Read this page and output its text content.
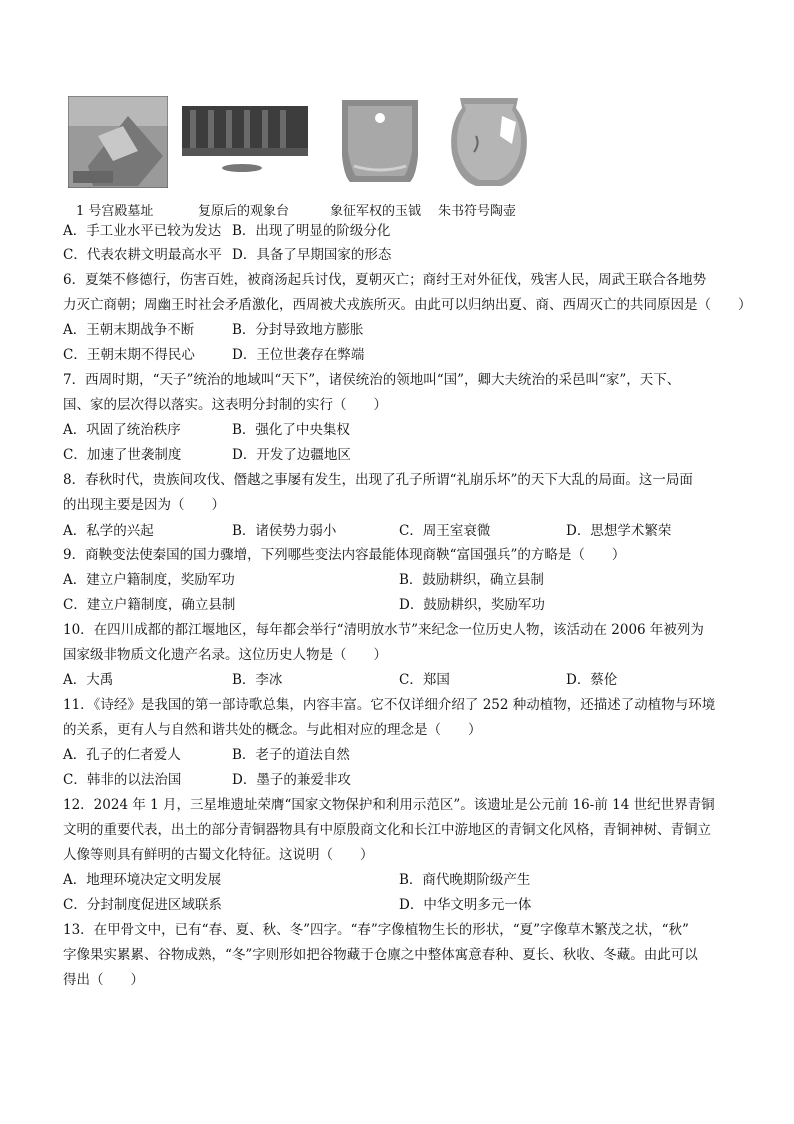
1 号宫殿墓址	复原后的观象台	象征军权的玉钺 朱书符号陶壶
A．手工业水平已较为发达 B．出现了明显的阶级分化
C．代表农耕文明最高水平 D．具备了早期国家的形态
6．夏桀不修德行，伤害百姓，被商汤起兵讨伐，夏朝灭亡；商纣王对外征伐，残害人民，周武王联合各地势
力灭亡商朝；周幽王时社会矛盾激化，西周被犬戎族所灭。由此可以归纳出夏、商、西周灭亡的共同原因是（　　）
A．王朝末期战争不断	B．分封导致地方膨胀
C．王朝末期不得民心	D．王位世袭存在弊端
7．西周时期，“天子”统治的地域叫“天下”，诸侯统治的领地叫“国”，卿大夫统治的采邑叫“家”，天下、
国、家的层次得以落实。这表明分封制的实行（　　）
A．巩固了统治秩序	B．强化了中央集权
C．加速了世袭制度	D．开发了边疆地区
8．春秋时代，贵族间攻伐、僭越之事屡有发生，出现了孔子所谓“礼崩乐坏”的天下大乱的局面。这一局面
的出现主要是因为（　　）
A．私学的兴起	B．诸侯势力弱小	C．周王室衰微	D．思想学术繁荣
9．商鞅变法使秦国的国力骤增，下列哪些变法内容最能体现商鞅“富国强兵”的方略是（　　）
A．建立户籍制度，奖励军功	B．鼓励耕织，确立县制
C．建立户籍制度，确立县制	D．鼓励耕织，奖励军功
10．在四川成都的都江堰地区，每年都会举行“清明放水节”来纪念一位历史人物，该活动在 2006 年被列为
国家级非物质文化遗产名录。这位历史人物是（　　）
A．大禹	B．李冰	C．郑国	D．蔡伦
11．《诗经》是我国的第一部诗歌总集，内容丰富。它不仅详细介绍了 252 种动植物，还描述了动植物与环境
的关系，更有人与自然和谐共处的概念。与此相对应的理念是（　　）
A．孔子的仁者爱人	B．老子的道法自然
C．韩非的以法治国	D．墨子的兼爱非攻
12．2024 年 1 月，三星堆遗址荣膺“国家文物保护和利用示范区”。该遗址是公元前 16-前 14 世纪世界青铜
文明的重要代表，出土的部分青铜器物具有中原殷商文化和长江中游地区的青铜文化风格，青铜神树、青铜立
人像等则具有鲜明的古蜀文化特征。这说明（　　）
A．地理环境决定文明发展	B．商代晚期阶级产生
C．分封制度促进区域联系	D．中华文明多元一体
13．在甲骨文中，已有“春、夏、秋、冬”四字。“春”字像植物生长的形状，“夏”字像草木繁茂之状，“秋”
字像果实累累、谷物成熟，“冬”字则形如把谷物藏于仓廪之中整体寓意春种、夏长、秋收、冬藏。由此可以
得出（　　）
